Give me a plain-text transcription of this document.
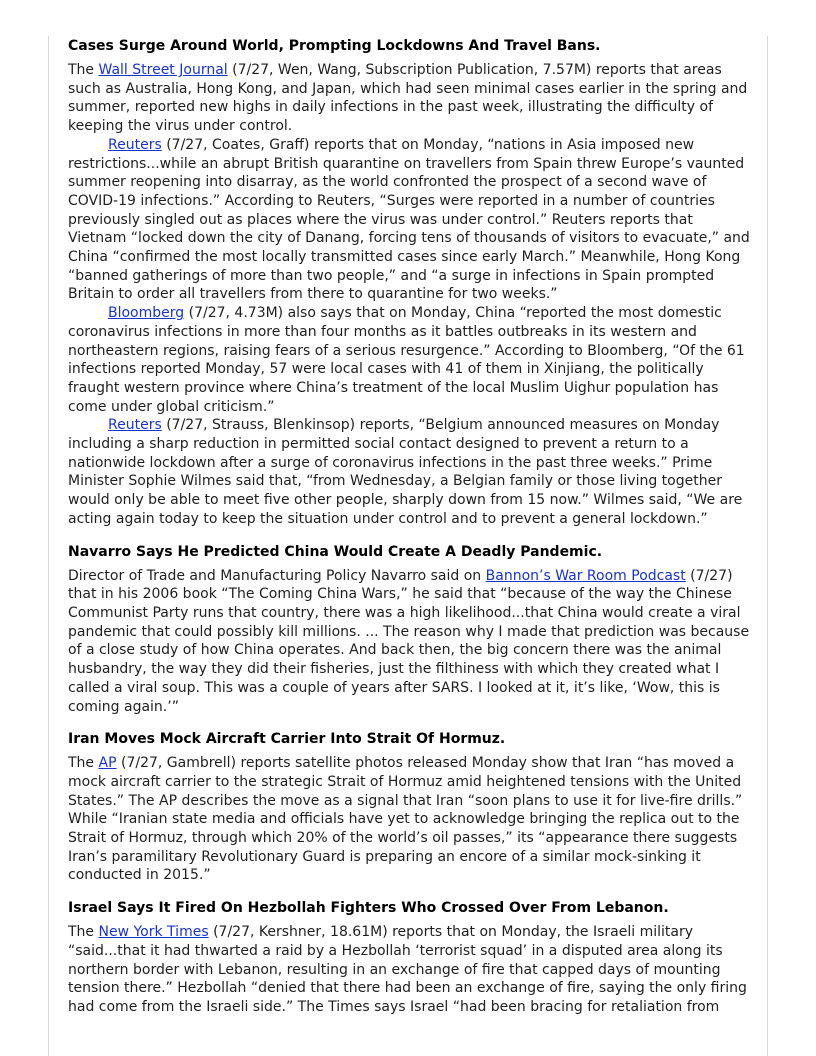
Cases Surge Around World, Prompting Lockdowns And Travel Bans.

The Wall Street Journal (7/27, Wen, Wang, Subscription Publication, 7.57M) reports that areas such as Australia, Hong Kong, and Japan, which had seen minimal cases earlier in the spring and summer, reported new highs in daily infections in the past week, illustrating the difficulty of keeping the virus under control.

Reuters (7/27, Coates, Graff) reports that on Monday, “nations in Asia imposed new restrictions...while an abrupt British quarantine on travellers from Spain threw Europe’s vaunted summer reopening into disarray, as the world confronted the prospect of a second wave of COVID-19 infections.” According to Reuters, “Surges were reported in a number of countries previously singled out as places where the virus was under control.” Reuters reports that Vietnam “locked down the city of Danang, forcing tens of thousands of visitors to evacuate,” and China “confirmed the most locally transmitted cases since early March.” Meanwhile, Hong Kong “banned gatherings of more than two people,” and “a surge in infections in Spain prompted Britain to order all travellers from there to quarantine for two weeks.”

Bloomberg (7/27, 4.73M) also says that on Monday, China “reported the most domestic coronavirus infections in more than four months as it battles outbreaks in its western and northeastern regions, raising fears of a serious resurgence.” According to Bloomberg, “Of the 61 infections reported Monday, 57 were local cases with 41 of them in Xinjiang, the politically fraught western province where China’s treatment of the local Muslim Uighur population has come under global criticism.”

Reuters (7/27, Strauss, Blenkinsop) reports, “Belgium announced measures on Monday including a sharp reduction in permitted social contact designed to prevent a return to a nationwide lockdown after a surge of coronavirus infections in the past three weeks.” Prime Minister Sophie Wilmes said that, “from Wednesday, a Belgian family or those living together would only be able to meet five other people, sharply down from 15 now.” Wilmes said, “We are acting again today to keep the situation under control and to prevent a general lockdown.”

Navarro Says He Predicted China Would Create A Deadly Pandemic.

Director of Trade and Manufacturing Policy Navarro said on Bannon’s War Room Podcast (7/27) that in his 2006 book “The Coming China Wars,” he said that “because of the way the Chinese Communist Party runs that country, there was a high likelihood...that China would create a viral pandemic that could possibly kill millions. ... The reason why I made that prediction was because of a close study of how China operates. And back then, the big concern there was the animal husbandry, the way they did their fisheries, just the filthiness with which they created what I called a viral soup. This was a couple of years after SARS. I looked at it, it’s like, ‘Wow, this is coming again.’”

Iran Moves Mock Aircraft Carrier Into Strait Of Hormuz.

The AP (7/27, Gambrell) reports satellite photos released Monday show that Iran “has moved a mock aircraft carrier to the strategic Strait of Hormuz amid heightened tensions with the United States.” The AP describes the move as a signal that Iran “soon plans to use it for live-fire drills.” While “Iranian state media and officials have yet to acknowledge bringing the replica out to the Strait of Hormuz, through which 20% of the world’s oil passes,” its “appearance there suggests Iran’s paramilitary Revolutionary Guard is preparing an encore of a similar mock-sinking it conducted in 2015.”

Israel Says It Fired On Hezbollah Fighters Who Crossed Over From Lebanon.

The New York Times (7/27, Kershner, 18.61M) reports that on Monday, the Israeli military “said...that it had thwarted a raid by a Hezbollah ‘terrorist squad’ in a disputed area along its northern border with Lebanon, resulting in an exchange of fire that capped days of mounting tension there.” Hezbollah “denied that there had been an exchange of fire, saying the only firing had come from the Israeli side.” The Times says Israel “had been bracing for retaliation from
